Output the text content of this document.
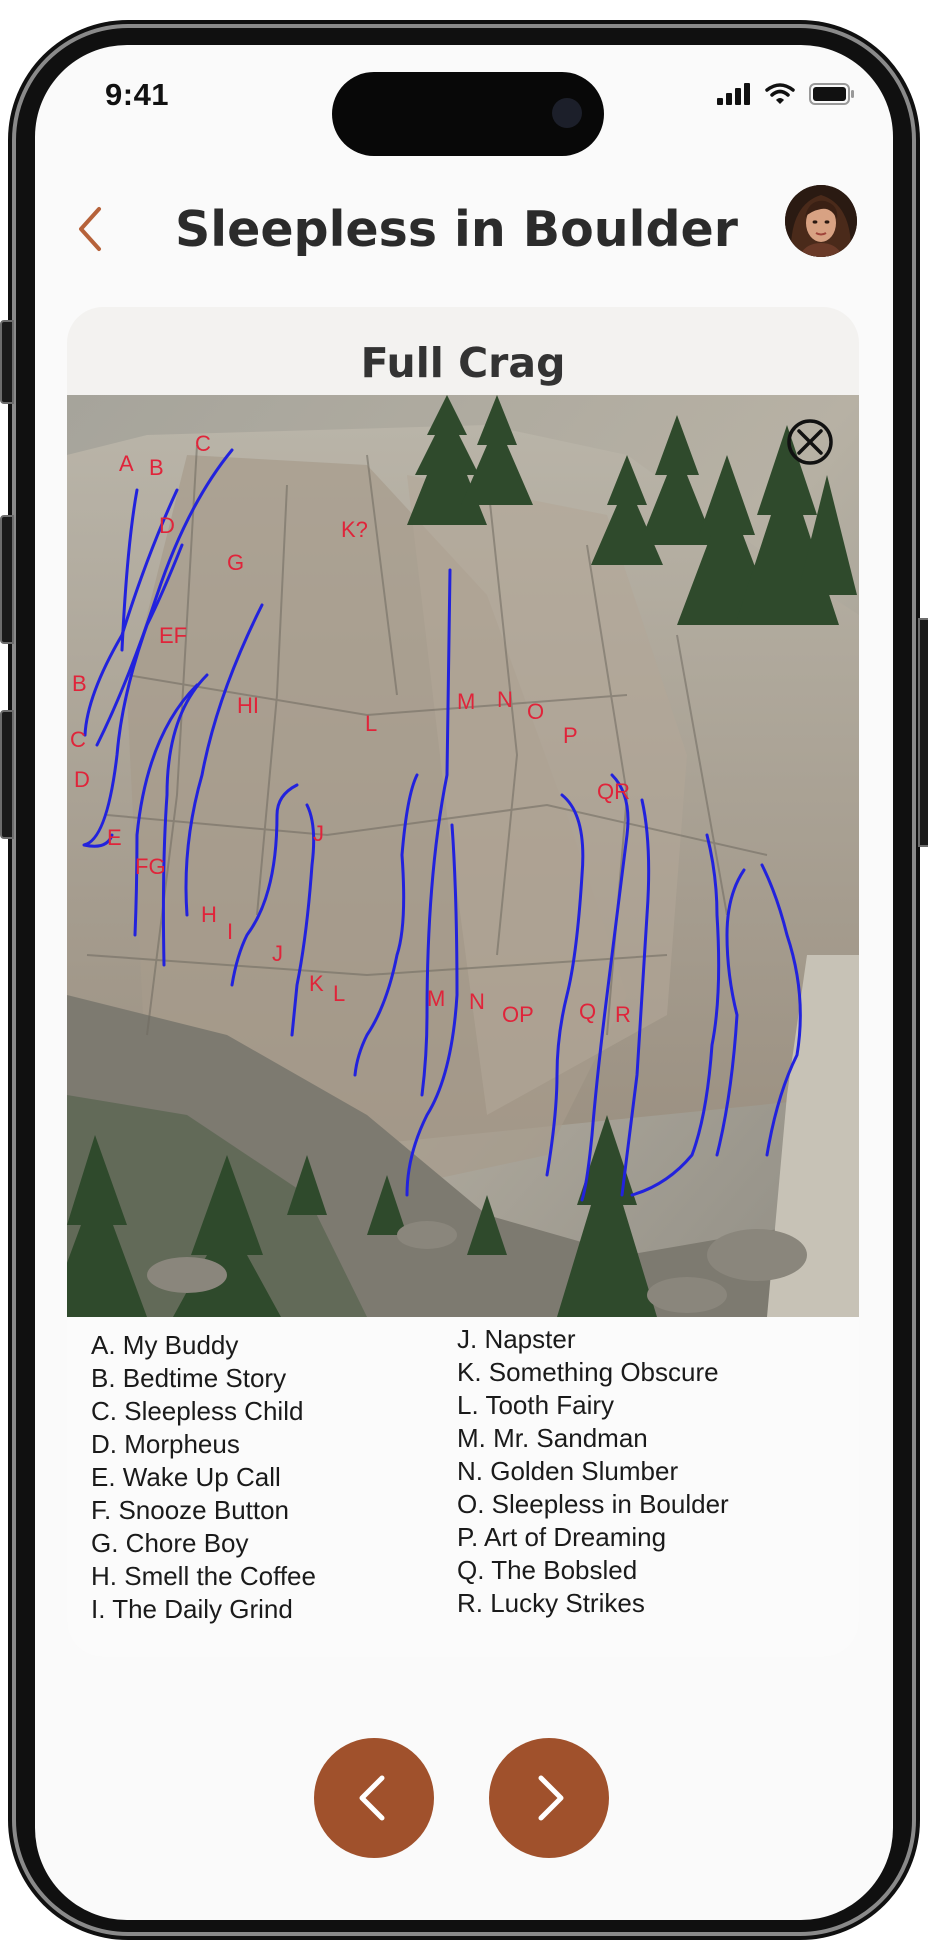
9:41
Sleepless in Boulder
Full Crag
A B
C
D
G
EF
K?
HI
L
M N O
P
QR
B
C
D
E
FG
H
I
J
J
K L	M N
OP Q R
A. My Buddy
B. Bedtime Story
C. Sleepless Child
D. Morpheus
E. Wake Up Call
F. Snooze Button
G. Chore Boy
H. Smell the Coffee
I. The Daily Grind
J. Napster
K. Something Obscure
L. Tooth Fairy
M. Mr. Sandman
N. Golden Slumber
O. Sleepless in Boulder
P. Art of Dreaming
Q. The Bobsled
R. Lucky Strikes
